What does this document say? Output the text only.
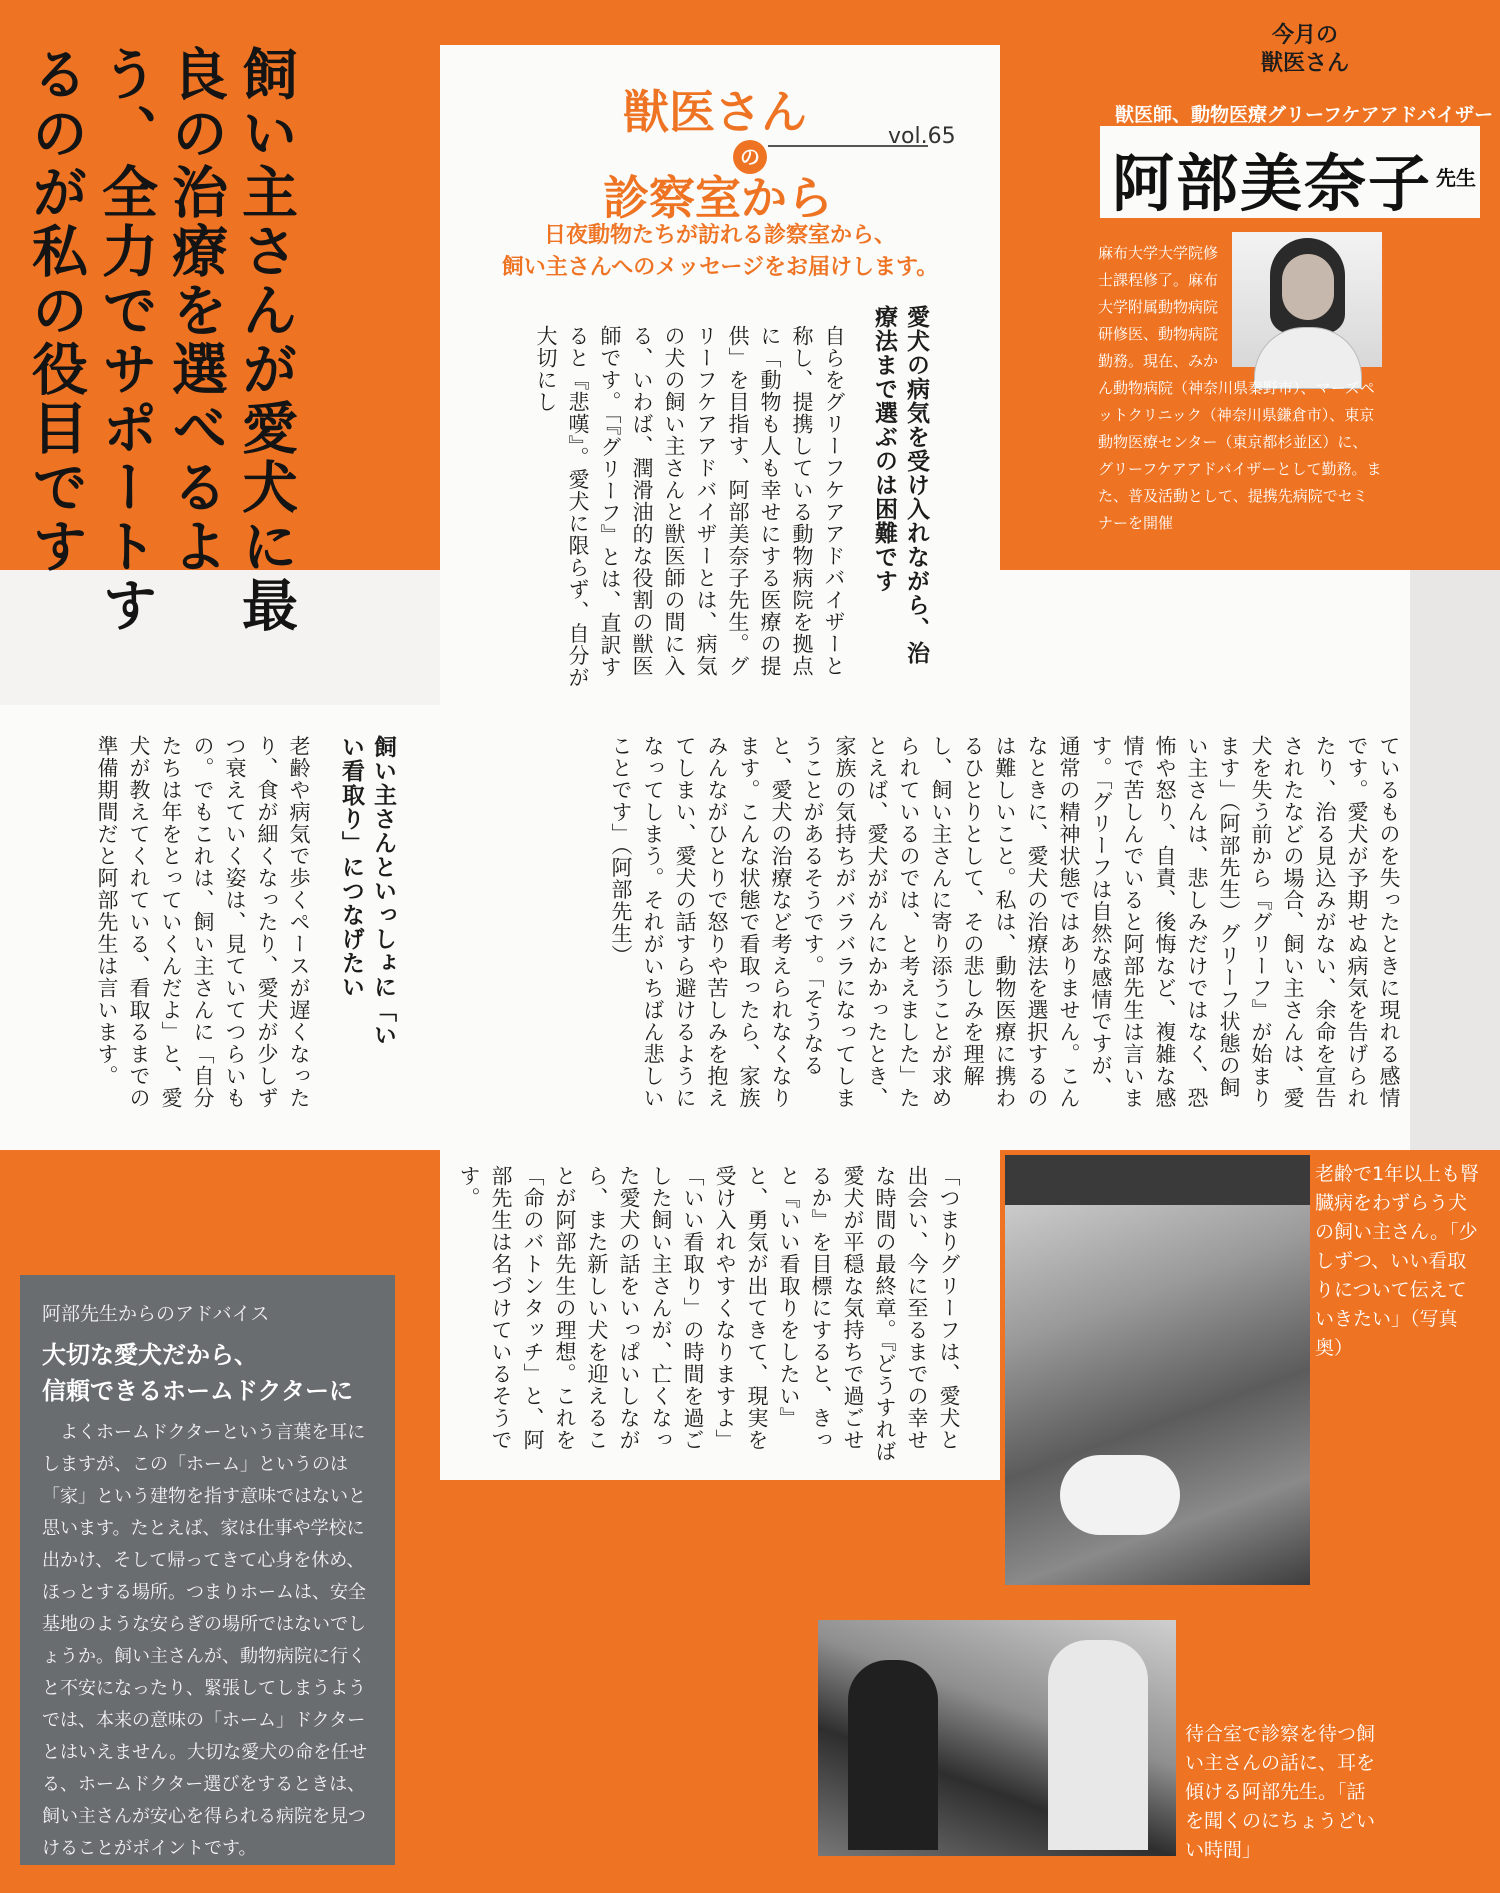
飼い主さんが愛犬に最良の治療を選べるよう、全力でサポートするのが私の役目です	獣医さん
の
vol.65
診察室から
日夜動物たちが訪れる診察室から、
飼い主さんへのメッセージをお届けします。
愛犬の病気を受け入れながら、治療法まで選ぶのは困難です
自らをグリーフケアアドバイザーと称し、提携している動物病院を拠点に「動物も人も幸せにする医療の提供」を目指す、阿部美奈子先生。グリーフケアアドバイザーとは、病気の犬の飼い主さんと獣医師の間に入る、いわば、潤滑油的な役割の獣医師です。「『グリーフ』とは、直訳すると『悲嘆』。愛犬に限らず、自分が大切にし
今月の
獣医さん
獣医師、動物医療グリーフケアアドバイザー
阿部美奈子 先生
麻布大学大学院修士課程修了。麻布大学附属動物病院研修医、動物病院勤務。現在、みか
ん動物病院（神奈川県秦野市）、マーズペットクリニック（神奈川県鎌倉市）、東京動物医療センター（東京都杉並区）に、グリーフケアアドバイザーとして勤務。また、普及活動として、提携先病院でセミナーを開催
ているものを失ったときに現れる感情です。愛犬が予期せぬ病気を告げられたり、治る見込みがない、余命を宣告されたなどの場合、飼い主さんは、愛犬を失う前から『グリーフ』が始まります」（阿部先生）グリーフ状態の飼い主さんは、悲しみだけではなく、恐怖や怒り、自責、後悔など、複雑な感情で苦しんでいると阿部先生は言います。「グリーフは自然な感情ですが、通常の精神状態ではありません。こんなときに、愛犬の治療法を選択するのは難しいこと。私は、動物医療に携わるひとりとして、その悲しみを理解し、飼い主さんに寄り添うことが求められているのでは、と考えました」たとえば、愛犬ががんにかかったとき、家族の気持ちがバラバラになってしまうことがあるそうです。「そうなると、愛犬の治療など考えられなくなります。こんな状態で看取ったら、家族みんながひとりで怒りや苦しみを抱えてしまい、愛犬の話すら避けるようになってしまう。それがいちばん悲しいことです」（阿部先生）
飼い主さんといっしょに「いい看取り」につなげたい
老齢や病気で歩くペースが遅くなったり、食が細くなったり、愛犬が少しずつ衰えていく姿は、見ていてつらいもの。でもこれは、飼い主さんに「自分たちは年をとっていくんだよ」と、愛犬が教えてくれている、看取るまでの準備期間だと阿部先生は言います。
「つまりグリーフは、愛犬と出会い、今に至るまでの幸せな時間の最終章。『どうすれば愛犬が平穏な気持ちで過ごせるか』を目標にすると、きっと『いい看取りをしたい』と、勇気が出てきて、現実を受け入れやすくなりますよ」「いい看取り」の時間を過ごした飼い主さんが、亡くなった愛犬の話をいっぱいしながら、また新しい犬を迎えることが阿部先生の理想。これを「命のバトンタッチ」と、阿部先生は名づけているそうです。	老齢で1年以上も腎臓病をわずらう犬の飼い主さん。「少しずつ、いい看取りについて伝えていきたい」（写真奥）
待合室で診察を待つ飼い主さんの話に、耳を傾ける阿部先生。「話を聞くのにちょうどいい時間」
阿部先生からのアドバイス
大切な愛犬だから、
信頼できるホームドクターに
よくホームドクターという言葉を耳にしますが、この「ホーム」というのは「家」という建物を指す意味ではないと思います。たとえば、家は仕事や学校に出かけ、そして帰ってきて心身を休め、ほっとする場所。つまりホームは、安全基地のような安らぎの場所ではないでしょうか。飼い主さんが、動物病院に行くと不安になったり、緊張してしまうようでは、本来の意味の「ホーム」ドクターとはいえません。大切な愛犬の命を任せる、ホームドクター選びをするときは、飼い主さんが安心を得られる病院を見つけることがポイントです。
